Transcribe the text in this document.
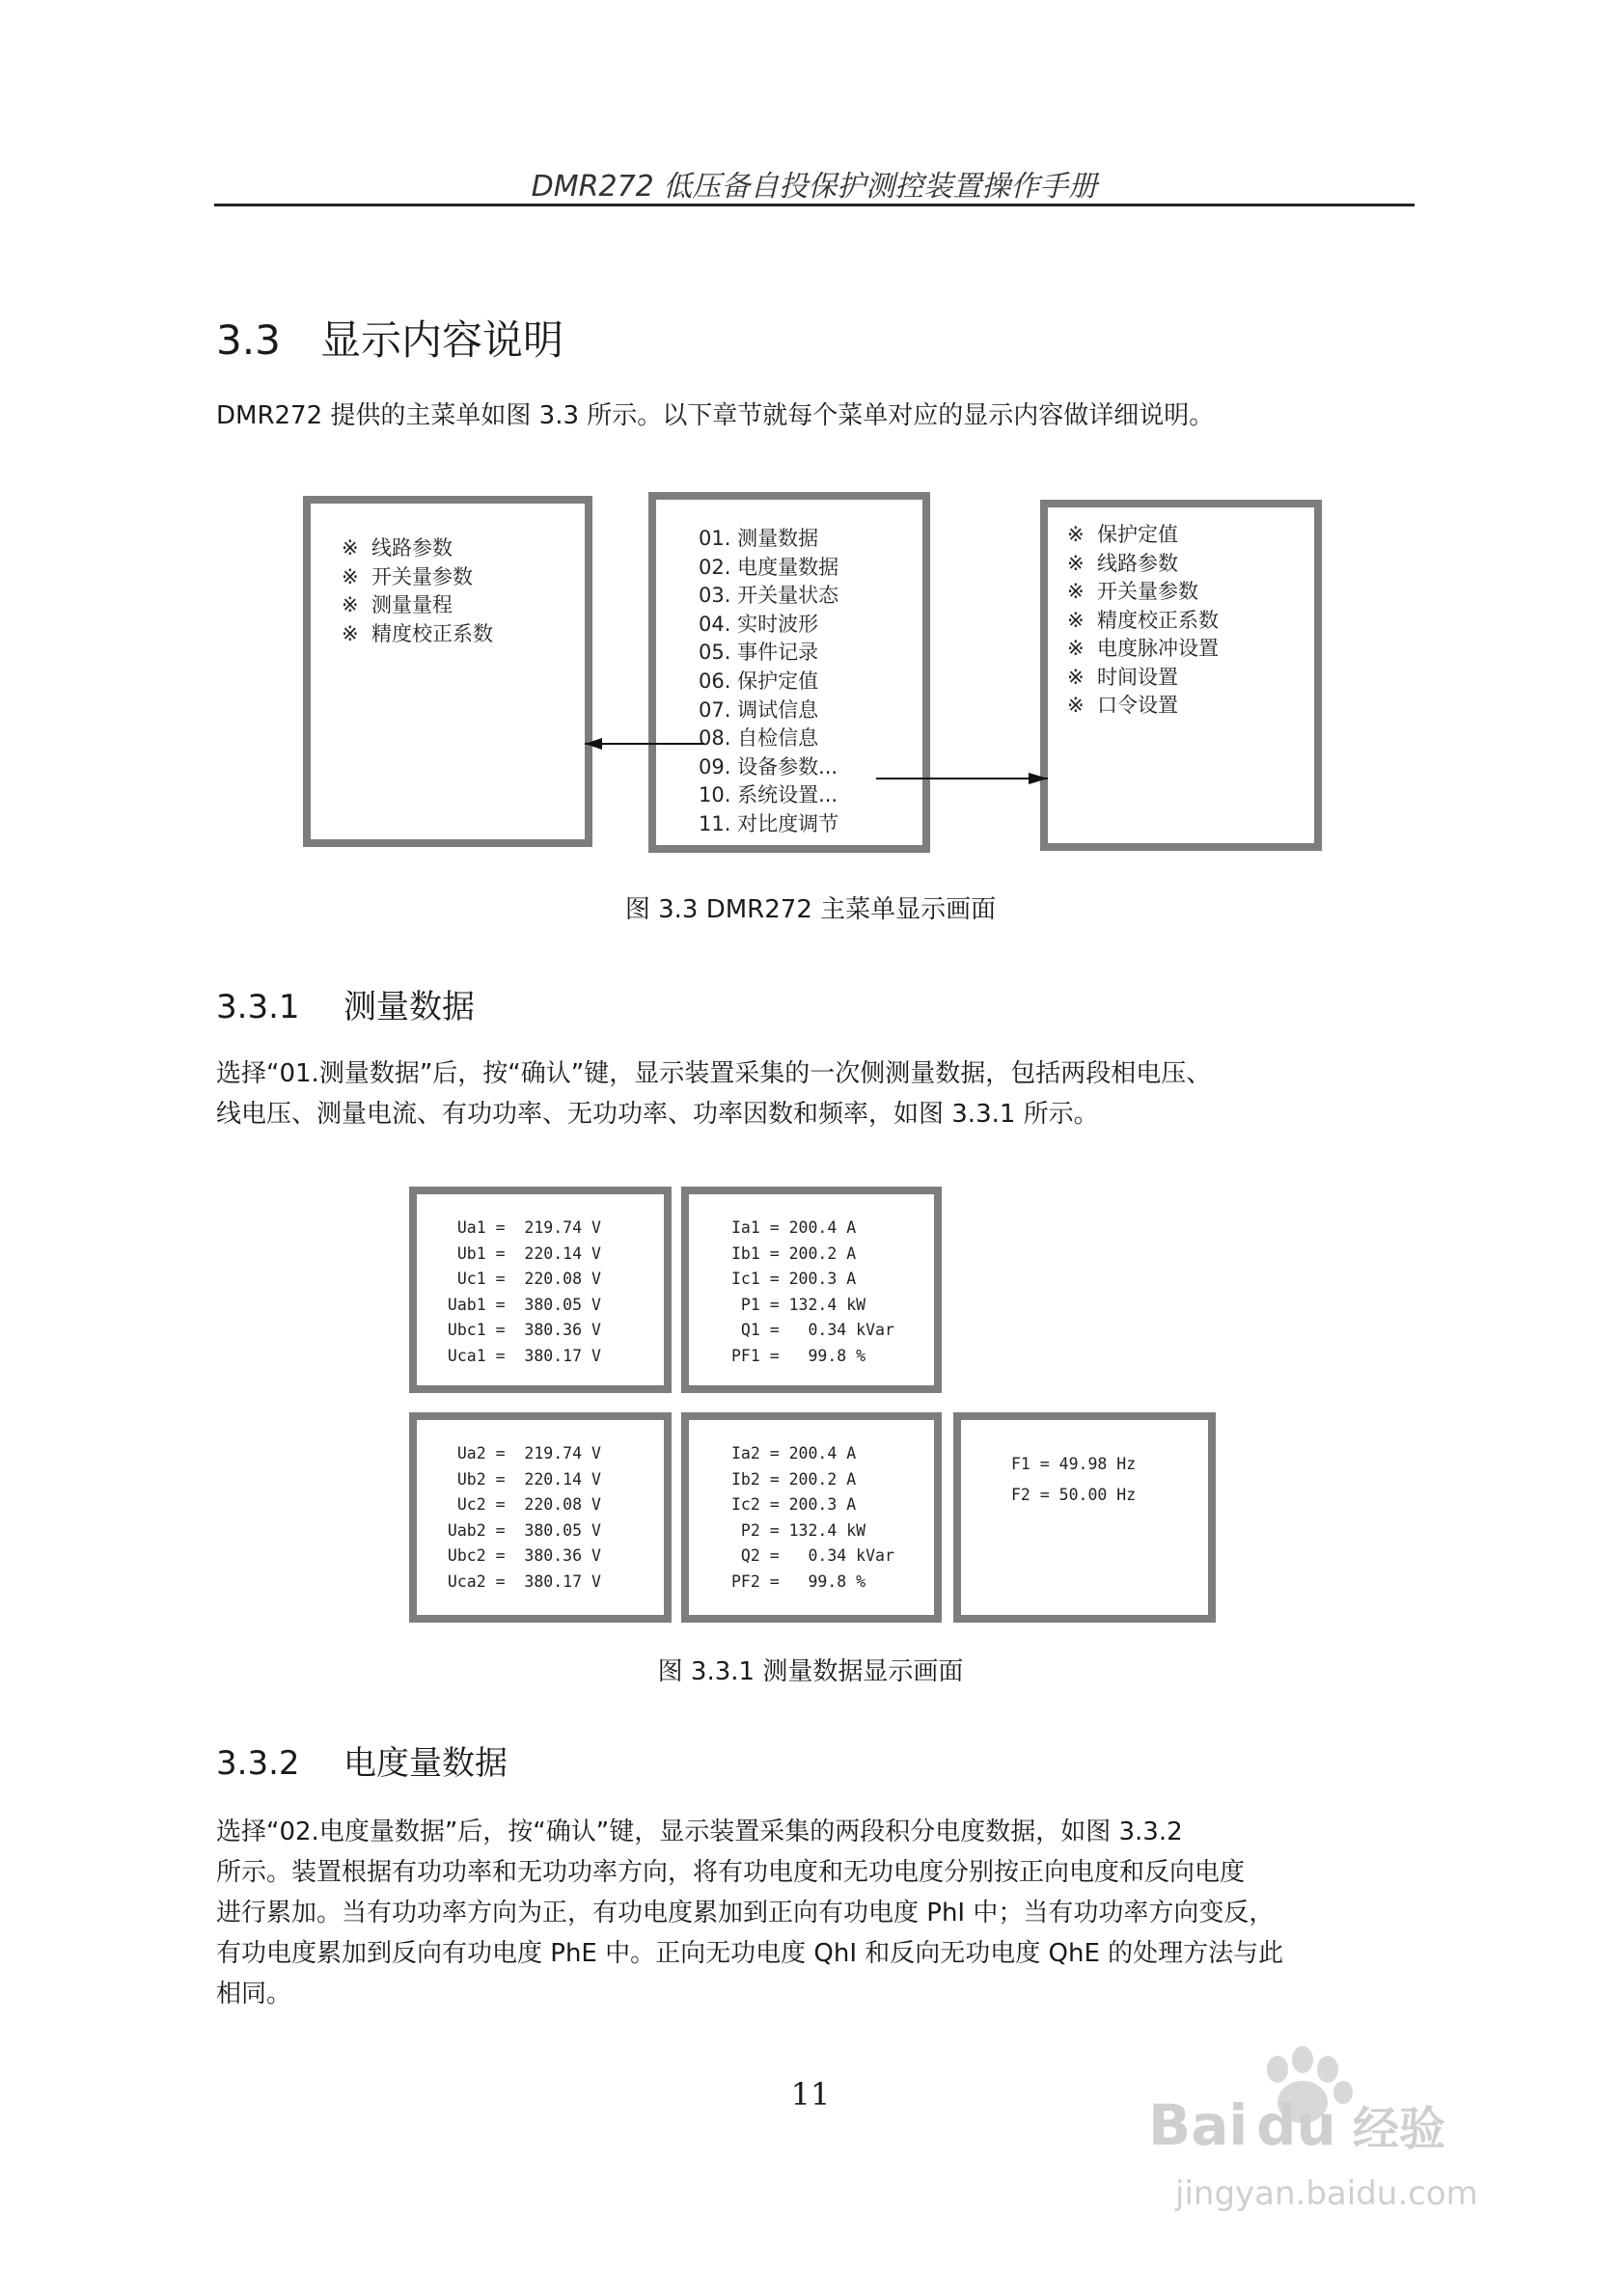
DMR272 低压备自投保护测控装置操作手册
3.3 显示内容说明
DMR272 提供的主菜单如图 3.3 所示。以下章节就每个菜单对应的显示内容做详细说明。
※  线路参数
※  开关量参数
※  测量量程
※  精度校正系数
01. 测量数据
02. 电度量数据
03. 开关量状态
04. 实时波形
05. 事件记录
06. 保护定值
07. 调试信息
08. 自检信息
09. 设备参数...
10. 系统设置...
11. 对比度调节
※  保护定值
※  线路参数
※  开关量参数
※  精度校正系数
※  电度脉冲设置
※  时间设置
※  口令设置
图 3.3 DMR272 主菜单显示画面
3.3.1 测量数据

选择“01.测量数据”后，按“确认”键，显示装置采集的一次侧测量数据，包括两段相电压、

线电压、测量电流、有功功率、无功功率、功率因数和频率，如图 3.3.1 所示。

Ua1 =  219.74 V
Ub1 =  220.14 V
Uc1 =  220.08 V
Uab1 =  380.05 V
Ubc1 =  380.36 V
Uca1 =  380.17 V
Ia1 = 200.4 A
Ib1 = 200.2 A
Ic1 = 200.3 A
P1 = 132.4 kW
Q1 =   0.34 kVar
PF1 =   99.8 %
Ua2 =  219.74 V
Ub2 =  220.14 V
Uc2 =  220.08 V
Uab2 =  380.05 V
Ubc2 =  380.36 V
Uca2 =  380.17 V
Ia2 = 200.4 A
Ib2 = 200.2 A
Ic2 = 200.3 A
P2 = 132.4 kW
Q2 =   0.34 kVar
PF2 =   99.8 %
F1 = 49.98 Hz
F2 = 50.00 Hz
图 3.3.1 测量数据显示画面
3.3.2 电度量数据

选择“02.电度量数据”后，按“确认”键，显示装置采集的两段积分电度数据，如图 3.3.2

所示。装置根据有功功率和无功功率方向，将有功电度和无功电度分别按正向电度和反向电度

进行累加。当有功功率方向为正，有功电度累加到正向有功电度 PhI 中；当有功功率方向变反，

有功电度累加到反向有功电度 PhE 中。正向无功电度 QhI 和反向无功电度 QhE 的处理方法与此

相同。

11	Bai du 经验
jingyan.baidu.com
